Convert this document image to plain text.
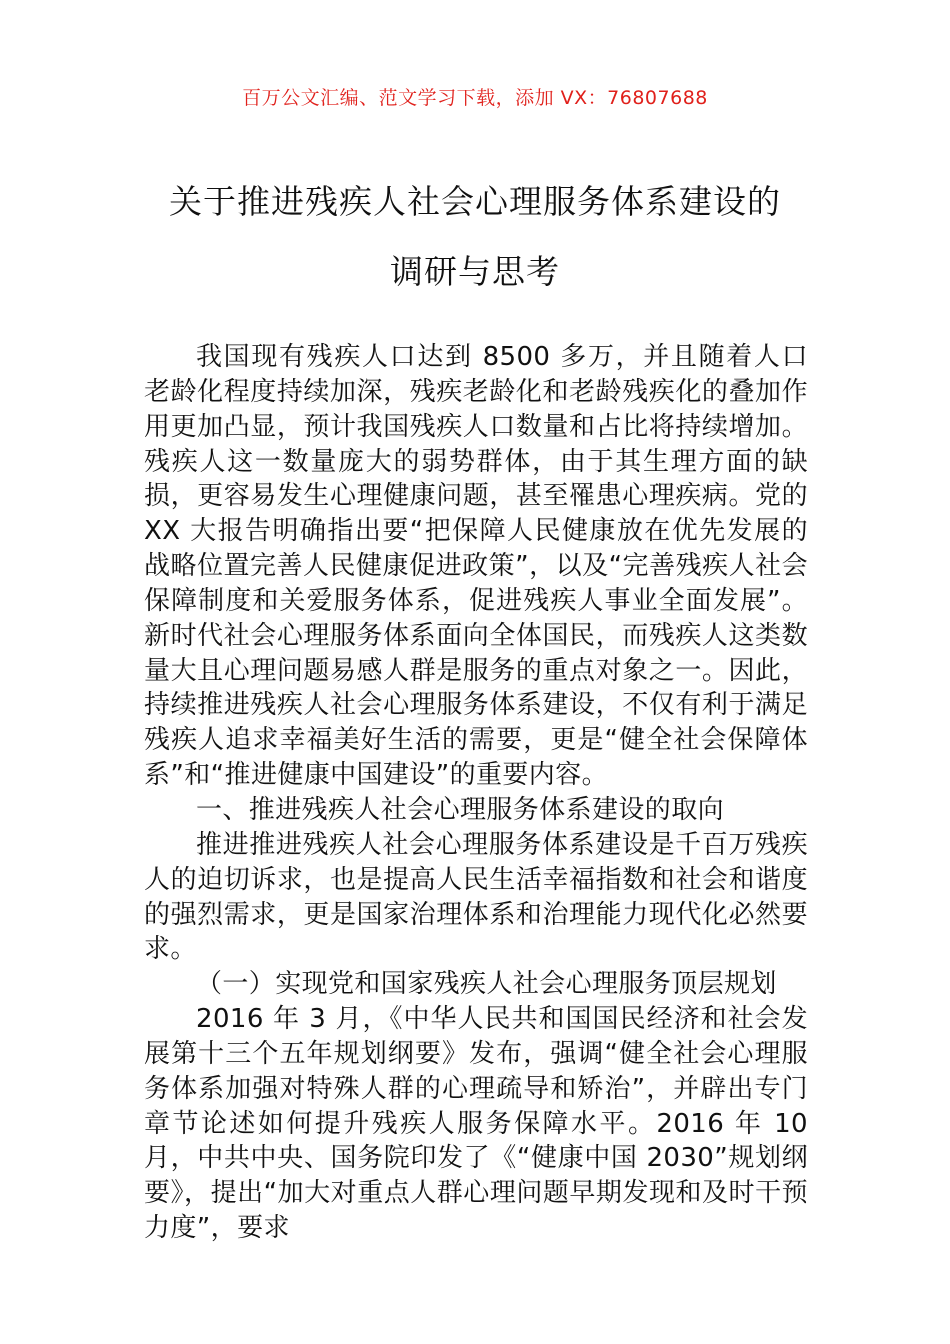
百万公文汇编、范文学习下载，添加 VX：76807688
关于推进残疾人社会心理服务体系建设的
调研与思考

我国现有残疾人口达到 8500 多万，并且随着人口老龄化程度持续加深，残疾老龄化和老龄残疾化的叠加作用更加凸显，预计我国残疾人口数量和占比将持续增加。残疾人这一数量庞大的弱势群体，由于其生理方面的缺损，更容易发生心理健康问题，甚至罹患心理疾病。党的 XX 大报告明确指出要“把保障人民健康放在优先发展的战略位置完善人民健康促进政策”，以及“完善残疾人社会保障制度和关爱服务体系，促进残疾人事业全面发展”。新时代社会心理服务体系面向全体国民，而残疾人这类数量大且心理问题易感人群是服务的重点对象之一。因此，持续推进残疾人社会心理服务体系建设，不仅有利于满足残疾人追求幸福美好生活的需要，更是“健全社会保障体系”和“推进健康中国建设”的重要内容。

一、推进残疾人社会心理服务体系建设的取向

推进推进残疾人社会心理服务体系建设是千百万残疾人的迫切诉求，也是提高人民生活幸福指数和社会和谐度的强烈需求，更是国家治理体系和治理能力现代化必然要求。

（一）实现党和国家残疾人社会心理服务顶层规划

2016 年 3 月，《中华人民共和国国民经济和社会发展第十三个五年规划纲要》发布，强调“健全社会心理服务体系加强对特殊人群的心理疏导和矫治”，并辟出专门章节论述如何提升残疾人服务保障水平。2016 年 10 月，中共中央、国务院印发了《“健康中国 2030”规划纲要》，提出“加大对重点人群心理问题早期发现和及时干预力度”，要求
